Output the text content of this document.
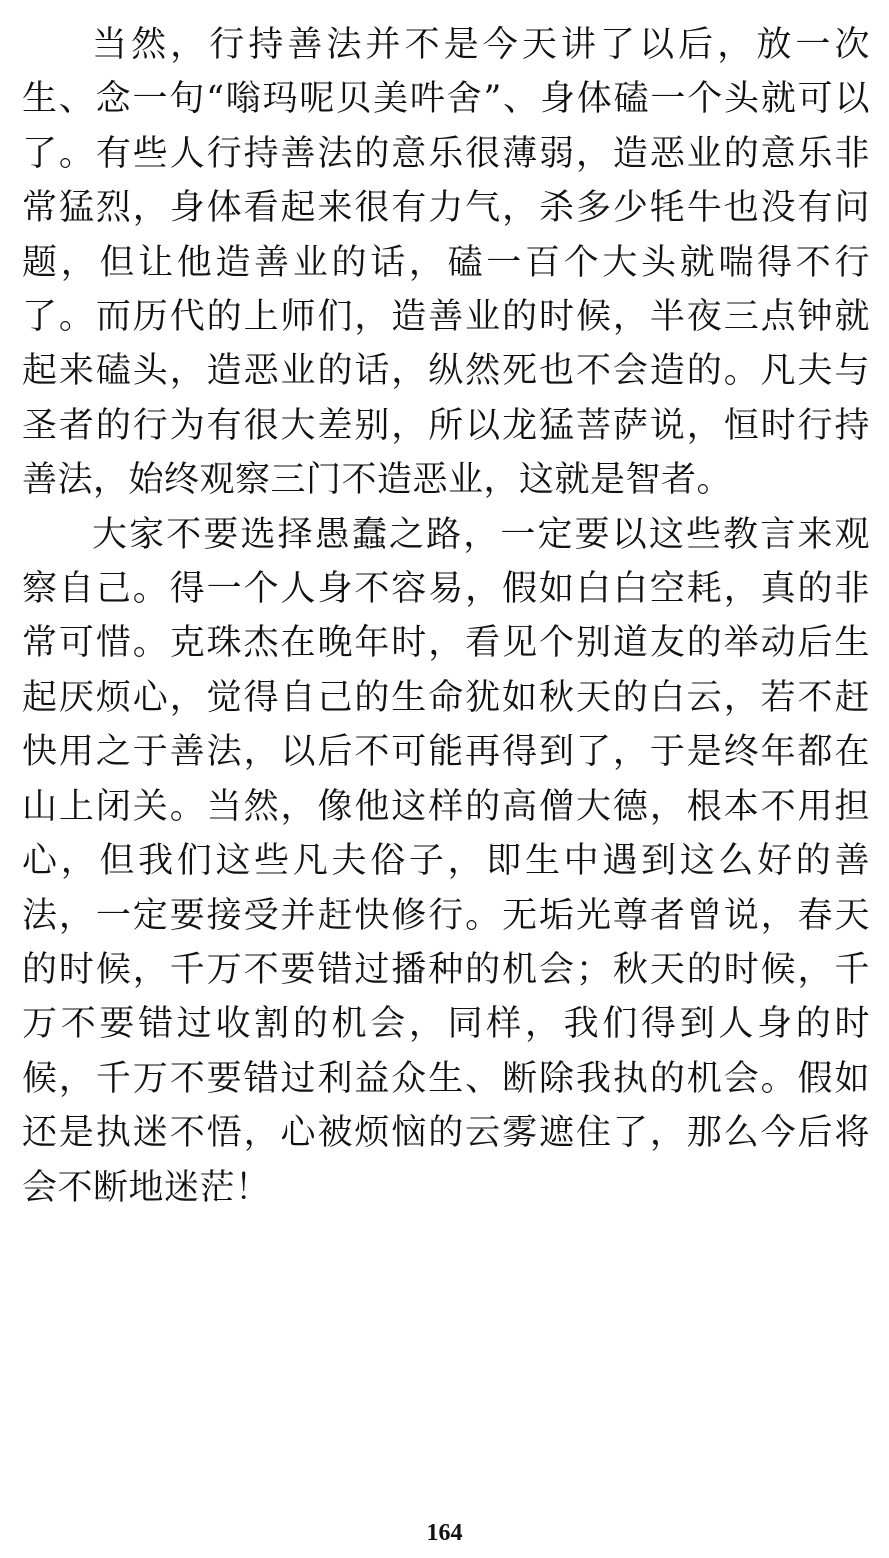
当然，行持善法并不是今天讲了以后，放一次生、念一句“嗡玛呢贝美吽舍”、身体磕一个头就可以了。有些人行持善法的意乐很薄弱，造恶业的意乐非常猛烈，身体看起来很有力气，杀多少牦牛也没有问题，但让他造善业的话，磕一百个大头就喘得不行了。而历代的上师们，造善业的时候，半夜三点钟就起来磕头，造恶业的话，纵然死也不会造的。凡夫与圣者的行为有很大差别，所以龙猛菩萨说，恒时行持善法，始终观察三门不造恶业，这就是智者。

大家不要选择愚蠢之路，一定要以这些教言来观察自己。得一个人身不容易，假如白白空耗，真的非常可惜。克珠杰在晚年时，看见个别道友的举动后生起厌烦心，觉得自己的生命犹如秋天的白云，若不赶快用之于善法，以后不可能再得到了，于是终年都在山上闭关。当然，像他这样的高僧大德，根本不用担心，但我们这些凡夫俗子，即生中遇到这么好的善法，一定要接受并赶快修行。无垢光尊者曾说，春天的时候，千万不要错过播种的机会；秋天的时候，千万不要错过收割的机会，同样，我们得到人身的时候，千万不要错过利益众生、断除我执的机会。假如还是执迷不悟，心被烦恼的云雾遮住了，那么今后将会不断地迷茫！

164
